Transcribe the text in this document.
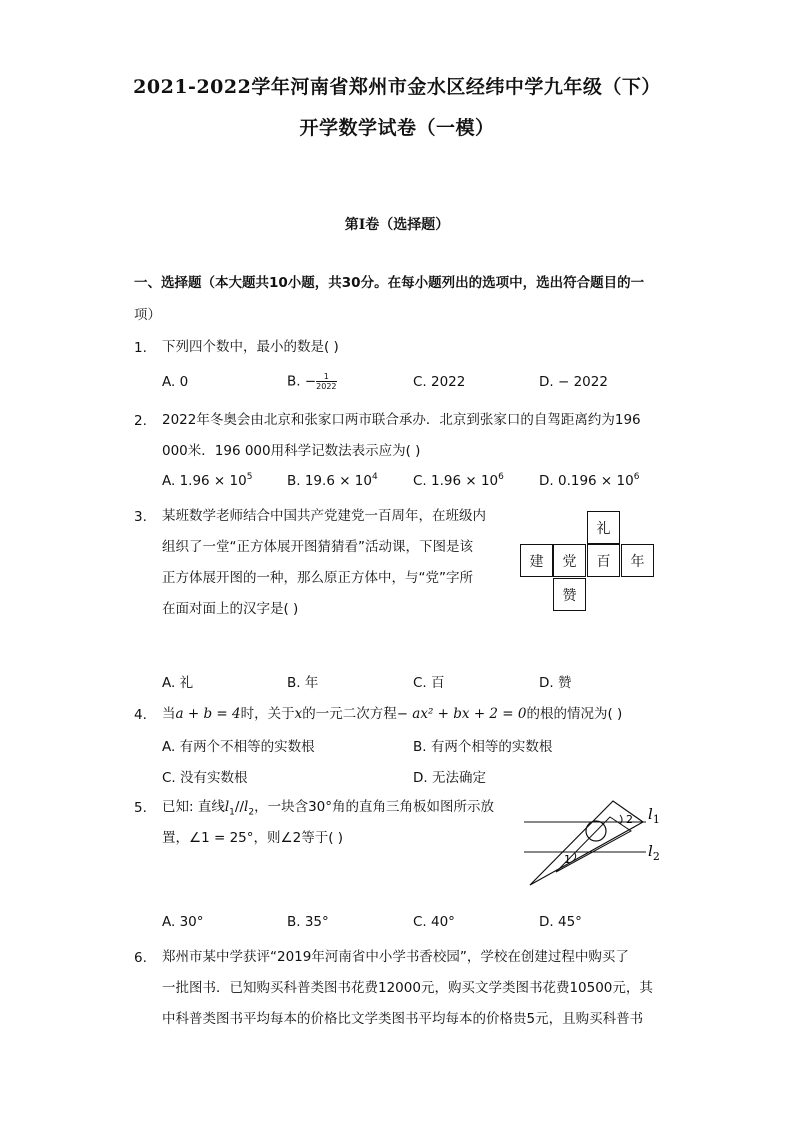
2021-2022学年河南省郑州市金水区经纬中学九年级（下）
开学数学试卷（一模）
第I卷（选择题）
一、选择题（本大题共10小题，共30分。在每小题列出的选项中，选出符合题目的一
项）
1. 下列四个数中，最小的数是( )
A. 0	B. − $\frac{1}{2022}$	C. 2022	D. − 2022
2. 2022年冬奥会由北京和张家口两市联合承办．北京到张家口的自驾距离约为196
000米．196 000用科学记数法表示应为( )
A. $1.96 \times 10^5$	B. $19.6 \times 10^4$	C. $1.96 \times 10^6$	D. $0.196 \times 10^6$
3. 某班数学老师结合中国共产党建党一百周年，在班级内
组织了一堂“正方体展开图猜猜看”活动课，下图是该
正方体展开图的一种，那么原正方体中，与“党”字所
在面对面上的汉字是( )
礼
建	党	百	年
赞
A. 礼	B. 年	C. 百	D. 赞
4. 当a + b = 4时，关于x的一元二次方程− ax² + bx + 2 = 0的根的情况为( )
A. 有两个不相等的实数根	B. 有两个相等的实数根
C. 没有实数根	D. 无法确定
5. 已知: 直线$l_1//l_2$，一块含30°角的直角三角板如图所示放
置，∠1 = 25°，则∠2等于( )
1
2 $l_1$
$l_2$
A. 30°	B. 35°	C. 40°	D. 45°
6. 郑州市某中学获评“2019年河南省中小学书香校园”，学校在创建过程中购买了
一批图书．已知购买科普类图书花费12000元，购买文学类图书花费10500元，其
中科普类图书平均每本的价格比文学类图书平均每本的价格贵5元，且购买科普书
